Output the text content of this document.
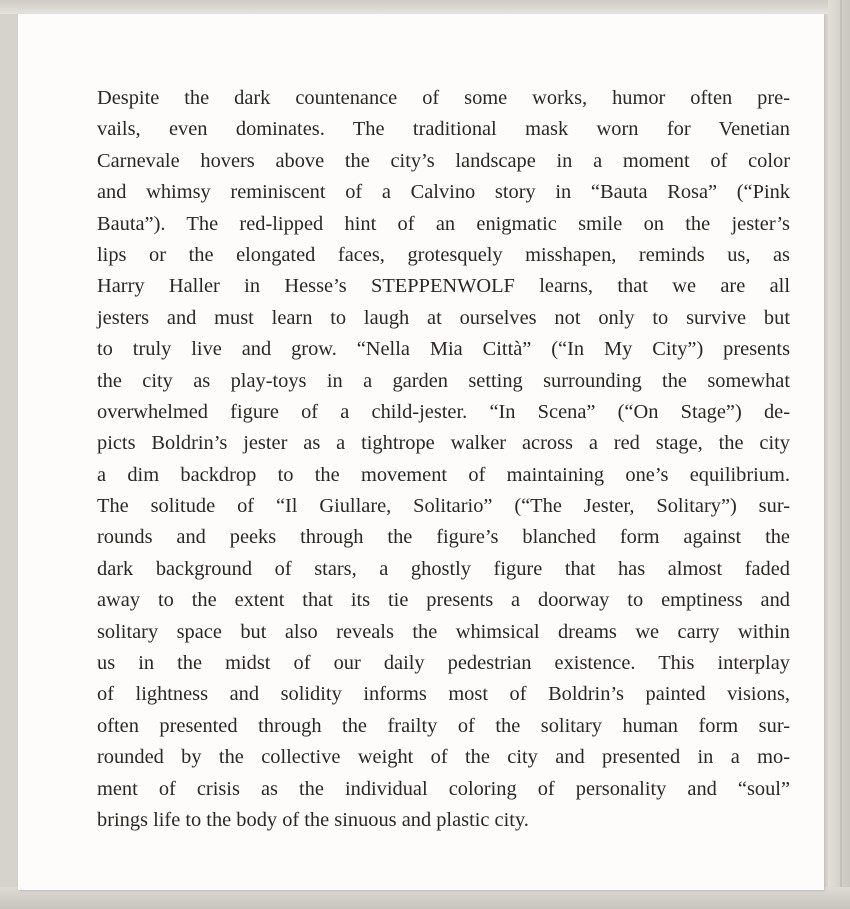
Despite the dark countenance of some works, humor often pre-
vails, even dominates. The traditional mask worn for Venetian
Carnevale hovers above the city’s landscape in a moment of color
and whimsy reminiscent of a Calvino story in “Bauta Rosa” (“Pink
Bauta”). The red-lipped hint of an enigmatic smile on the jester’s
lips or the elongated faces, grotesquely misshapen, reminds us, as
Harry Haller in Hesse’s STEPPENWOLF learns, that we are all
jesters and must learn to laugh at ourselves not only to survive but
to truly live and grow. “Nella Mia Città” (“In My City”) presents
the city as play-toys in a garden setting surrounding the somewhat
overwhelmed figure of a child-jester. “In Scena” (“On Stage”) de-
picts Boldrin’s jester as a tightrope walker across a red stage, the city
a dim backdrop to the movement of maintaining one’s equilibrium.
The solitude of “Il Giullare, Solitario” (“The Jester, Solitary”) sur-
rounds and peeks through the figure’s blanched form against the
dark background of stars, a ghostly figure that has almost faded
away to the extent that its tie presents a doorway to emptiness and
solitary space but also reveals the whimsical dreams we carry within
us in the midst of our daily pedestrian existence. This interplay
of lightness and solidity informs most of Boldrin’s painted visions,
often presented through the frailty of the solitary human form sur-
rounded by the collective weight of the city and presented in a mo-
ment of crisis as the individual coloring of personality and “soul”
brings life to the body of the sinuous and plastic city.
